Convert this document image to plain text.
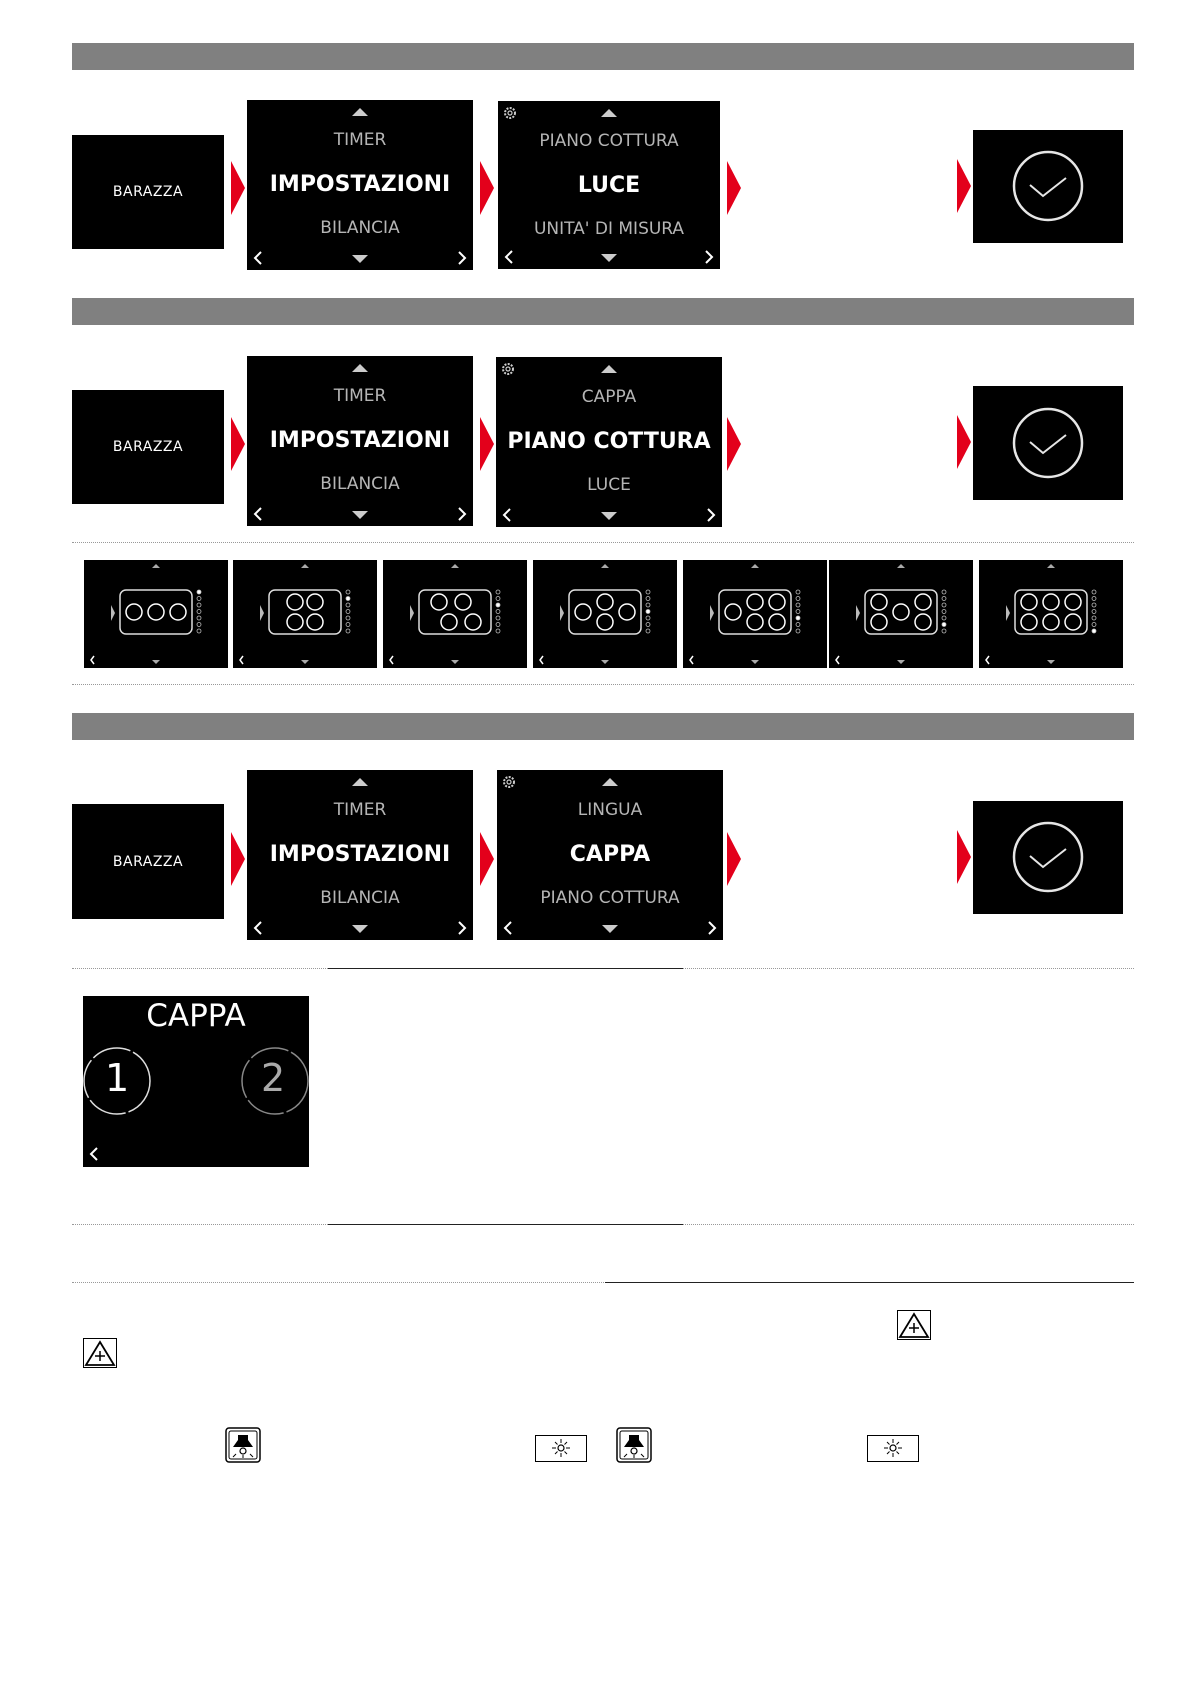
BARAZZA
TIMER
IMPOSTAZIONI
BILANCIA
PIANO COTTURA
LUCE
UNITA' DI MISURA
BARAZZA
TIMER
IMPOSTAZIONI
BILANCIA
CAPPA
PIANO COTTURA
LUCE
BARAZZA
TIMER
IMPOSTAZIONI
BILANCIA
LINGUA
CAPPA
PIANO COTTURA
CAPPA
1	2
